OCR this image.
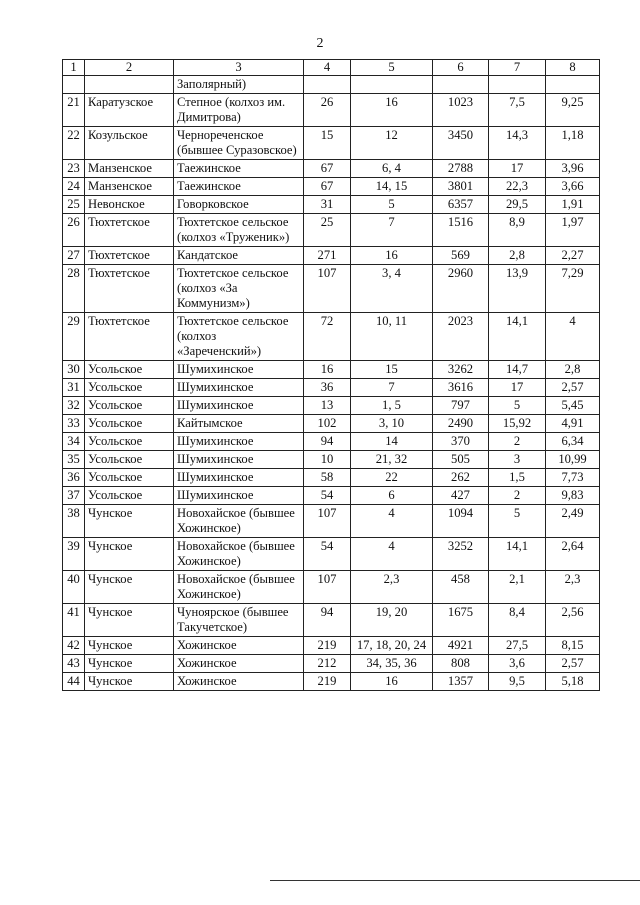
2
1	2	3	4	5	6	7	8
		Заполярный)					
21	Каратузское	Степное (колхоз им. Димитрова)	26	16	1023	7,5	9,25
22	Козульское	Чернореченское (бывшее Суразовское)	15	12	3450	14,3	1,18
23	Манзенское	Таежинское	67	6, 4	2788	17	3,96
24	Манзенское	Таежинское	67	14, 15	3801	22,3	3,66
25	Невонское	Говорковское	31	5	6357	29,5	1,91
26	Тюхтетское	Тюхтетское сельское (колхоз «Труженик»)	25	7	1516	8,9	1,97
27	Тюхтетское	Кандатское	271	16	569	2,8	2,27
28	Тюхтетское	Тюхтетское сельское (колхоз «За Коммунизм»)	107	3, 4	2960	13,9	7,29
29	Тюхтетское	Тюхтетское сельское (колхоз «Зареченский»)	72	10, 11	2023	14,1	4
30	Усольское	Шумихинское	16	15	3262	14,7	2,8
31	Усольское	Шумихинское	36	7	3616	17	2,57
32	Усольское	Шумихинское	13	1, 5	797	5	5,45
33	Усольское	Кайтымское	102	3, 10	2490	15,92	4,91
34	Усольское	Шумихинское	94	14	370	2	6,34
35	Усольское	Шумихинское	10	21, 32	505	3	10,99
36	Усольское	Шумихинское	58	22	262	1,5	7,73
37	Усольское	Шумихинское	54	6	427	2	9,83
38	Чунское	Новохайское (бывшее Хожинское)	107	4	1094	5	2,49
39	Чунское	Новохайское (бывшее Хожинское)	54	4	3252	14,1	2,64
40	Чунское	Новохайское (бывшее Хожинское)	107	2,3	458	2,1	2,3
41	Чунское	Чуноярское (бывшее Такучетское)	94	19, 20	1675	8,4	2,56
42	Чунское	Хожинское	219	17, 18, 20, 24	4921	27,5	8,15
43	Чунское	Хожинское	212	34, 35, 36	808	3,6	2,57
44	Чунское	Хожинское	219	16	1357	9,5	5,18
